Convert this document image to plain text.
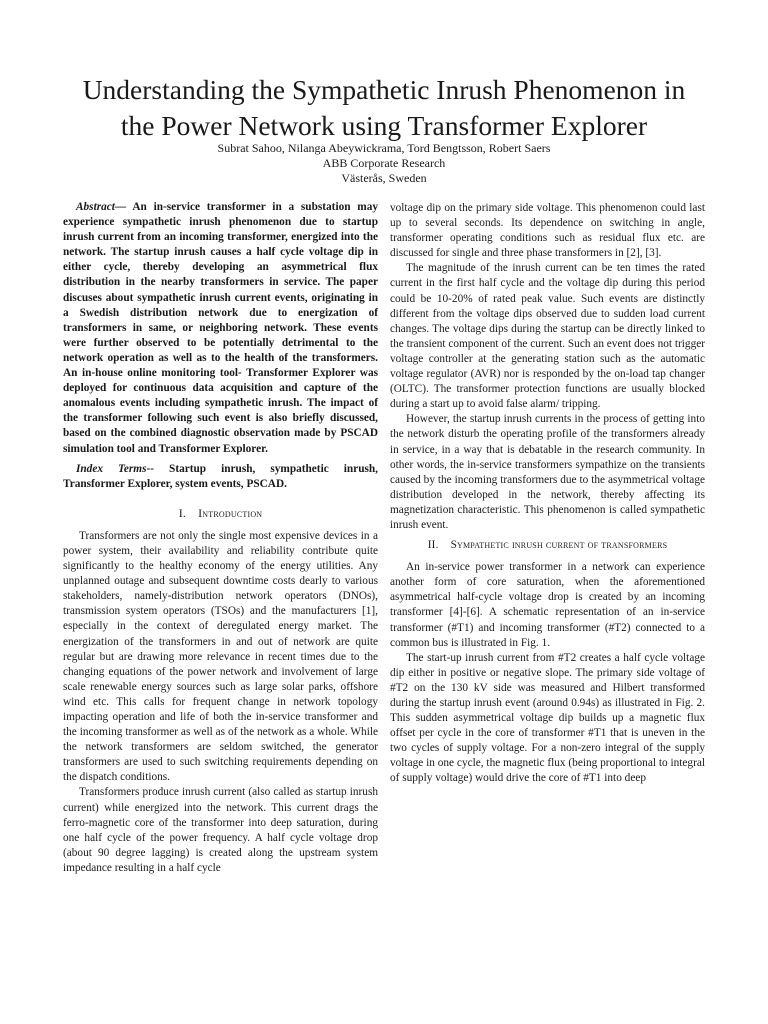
Understanding the Sympathetic Inrush Phenomenon in
the Power Network using Transformer Explorer

Subrat Sahoo, Nilanga Abeywickrama, Tord Bengtsson, Robert Saers

ABB Corporate Research

Västerås, Sweden

Abstract— An in-service transformer in a substation may experience sympathetic inrush phenomenon due to startup inrush current from an incoming transformer, energized into the network. The startup inrush causes a half cycle voltage dip in either cycle, thereby developing an asymmetrical flux distribution in the nearby transformers in service. The paper discuses about sympathetic inrush current events, originating in a Swedish distribution network due to energization of transformers in same, or neighboring network. These events were further observed to be potentially detrimental to the network operation as well as to the health of the transformers. An in-house online monitoring tool- Transformer Explorer was deployed for continuous data acquisition and capture of the anomalous events including sympathetic inrush. The impact of the transformer following such event is also briefly discussed, based on the combined diagnostic observation made by PSCAD simulation tool and Transformer Explorer.

Index Terms-- Startup inrush, sympathetic inrush, Transformer Explorer, system events, PSCAD.

I. Introduction

Transformers are not only the single most expensive devices in a power system, their availability and reliability contribute quite significantly to the healthy economy of the energy utilities. Any unplanned outage and subsequent downtime costs dearly to various stakeholders, namely-distribution network operators (DNOs), transmission system operators (TSOs) and the manufacturers [1], especially in the context of deregulated energy market. The energization of the transformers in and out of network are quite regular but are drawing more relevance in recent times due to the changing equations of the power network and involvement of large scale renewable energy sources such as large solar parks, offshore wind etc. This calls for frequent change in network topology impacting operation and life of both the in-service transformer and the incoming transformer as well as of the network as a whole. While the network transformers are seldom switched, the generator transformers are used to such switching requirements depending on the dispatch conditions.

Transformers produce inrush current (also called as startup inrush current) while energized into the network. This current drags the ferro-magnetic core of the transformer into deep saturation, during one half cycle of the power frequency. A half cycle voltage drop (about 90 degree lagging) is created along the upstream system impedance resulting in a half cycle

voltage dip on the primary side voltage. This phenomenon could last up to several seconds. Its dependence on switching in angle, transformer operating conditions such as residual flux etc. are discussed for single and three phase transformers in [2], [3].

The magnitude of the inrush current can be ten times the rated current in the first half cycle and the voltage dip during this period could be 10-20% of rated peak value. Such events are distinctly different from the voltage dips observed due to sudden load current changes. The voltage dips during the startup can be directly linked to the transient component of the current. Such an event does not trigger voltage controller at the generating station such as the automatic voltage regulator (AVR) nor is responded by the on-load tap changer (OLTC). The transformer protection functions are usually blocked during a start up to avoid false alarm/ tripping.

However, the startup inrush currents in the process of getting into the network disturb the operating profile of the transformers already in service, in a way that is debatable in the research community. In other words, the in-service transformers sympathize on the transients caused by the incoming transformers due to the asymmetrical voltage distribution developed in the network, thereby affecting its magnetization characteristic. This phenomenon is called sympathetic inrush event.

II. Sympathetic inrush current of transformers

An in-service power transformer in a network can experience another form of core saturation, when the aforementioned asymmetrical half-cycle voltage drop is created by an incoming transformer [4]-[6]. A schematic representation of an in-service transformer (#T1) and incoming transformer (#T2) connected to a common bus is illustrated in Fig. 1.

The start-up inrush current from #T2 creates a half cycle voltage dip either in positive or negative slope. The primary side voltage of #T2 on the 130 kV side was measured and Hilbert transformed during the startup inrush event (around 0.94s) as illustrated in Fig. 2. This sudden asymmetrical voltage dip builds up a magnetic flux offset per cycle in the core of transformer #T1 that is uneven in the two cycles of supply voltage. For a non-zero integral of the supply voltage in one cycle, the magnetic flux (being proportional to integral of supply voltage) would drive the core of #T1 into deep
